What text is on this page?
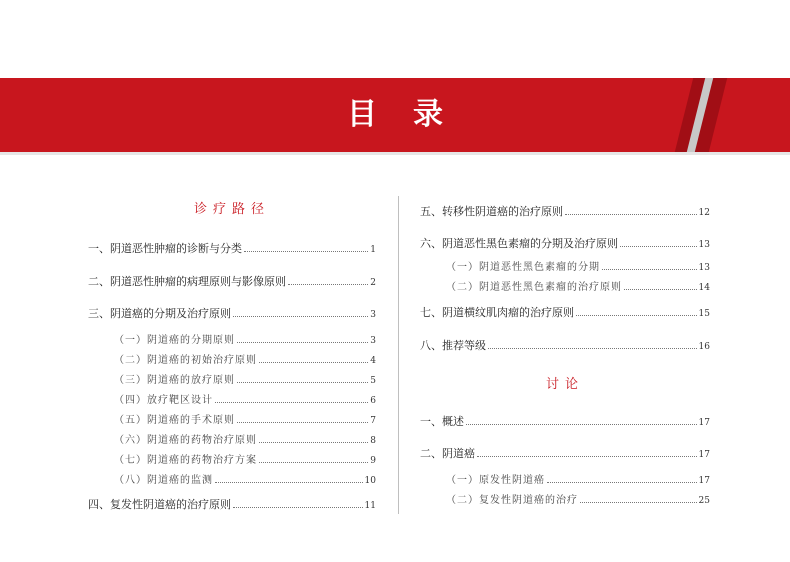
目录
诊疗路径
一、阴道恶性肿瘤的诊断与分类	1
二、阴道恶性肿瘤的病理原则与影像原则	2
三、阴道癌的分期及治疗原则	3
（一）阴道癌的分期原则	3
（二）阴道癌的初始治疗原则	4
（三）阴道癌的放疗原则	5
（四）放疗靶区设计	6
（五）阴道癌的手术原则	7
（六）阴道癌的药物治疗原则	8
（七）阴道癌的药物治疗方案	9
（八）阴道癌的监测	10
四、复发性阴道癌的治疗原则	11
五、转移性阴道癌的治疗原则	12
六、阴道恶性黑色素瘤的分期及治疗原则	13
（一）阴道恶性黑色素瘤的分期	13
（二）阴道恶性黑色素瘤的治疗原则	14
七、阴道横纹肌肉瘤的治疗原则	15
八、推荐等级	16
讨论
一、概述	17
二、阴道癌	17
（一）原发性阴道癌	17
（二）复发性阴道癌的治疗	25
